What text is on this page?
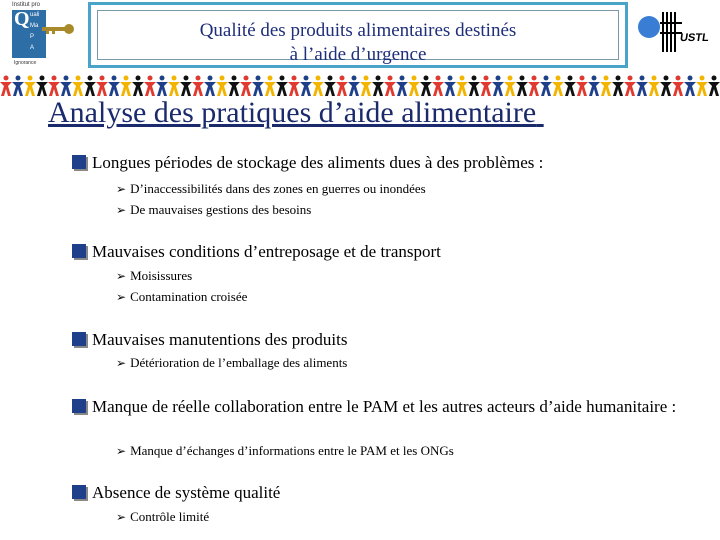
Institut pro
Q uali
Ma
P
A
Ignorance
Qualité des produits alimentaires destinés
à l’aide d’urgence
USTL
Analyse des pratiques d’aide alimentaire
Longues périodes de stockage des aliments dues à des problèmes :
➢ D’inaccessibilités dans des zones en guerres ou inondées
➢ De mauvaises gestions des besoins
Mauvaises conditions d’entreposage et de transport
➢ Moisissures
➢ Contamination croisée
Mauvaises manutentions des produits
➢ Détérioration de l’emballage des aliments
Manque de réelle collaboration entre le PAM et les autres acteurs d’aide humanitaire :
➢ Manque d’échanges d’informations entre le PAM et les ONGs
Absence de système qualité
➢ Contrôle limité
